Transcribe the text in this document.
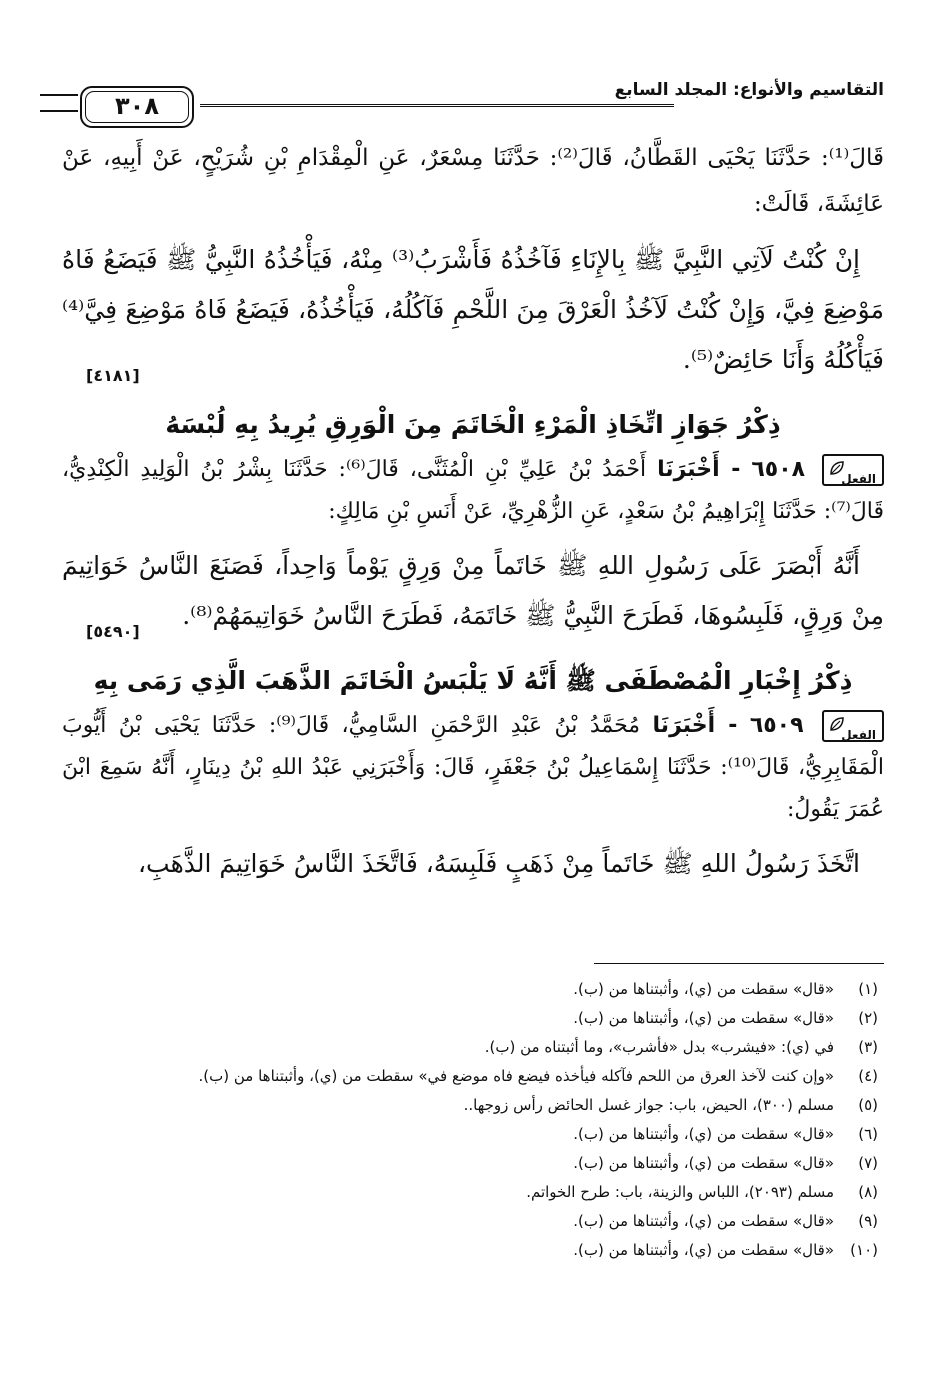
التقاسيم والأنواع: المجلد السابع
٣٠٨

قَالَ⁽¹⁾: حَدَّثَنَا يَحْيَى القَطَّانُ، قَالَ⁽²⁾: حَدَّثَنَا مِسْعَرٌ، عَنِ الْمِقْدَامِ بْنِ شُرَيْحٍ، عَنْ أَبِيهِ، عَنْ عَائِشَةَ، قَالَتْ:

إِنْ كُنْتُ لَآتِي النَّبِيَّ ﷺ بِالإِنَاءِ فَآخُذُهُ فَأَشْرَبُ⁽³⁾ مِنْهُ، فَيَأْخُذُهُ النَّبِيُّ ﷺ فَيَضَعُ فَاهُ مَوْضِعَ فِيَّ، وَإِنْ كُنْتُ لَآخُذُ الْعَرْقَ مِنَ اللَّحْمِ فَآكُلُهُ، فَيَأْخُذُهُ، فَيَضَعُ فَاهُ مَوْضِعَ فِيَّ⁽⁴⁾ فَيَأْكُلُهُ وَأَنَا حَائِضٌ⁽⁵⁾.
[٤١٨١]

ذِكْرُ جَوَازِ اتِّخَاذِ الْمَرْءِ الْخَاتَمَ مِنَ الْوَرِقِ يُرِيدُ بِهِ لُبْسَهُ

الفعل
٦٥٠٨ - أَخْبَرَنَا أَحْمَدُ بْنُ عَلِيِّ بْنِ الْمُثَنَّى، قَالَ⁽⁶⁾: حَدَّثَنَا بِشْرُ بْنُ الْوَلِيدِ الْكِنْدِيُّ، قَالَ⁽⁷⁾: حَدَّثَنَا إِبْرَاهِيمُ بْنُ سَعْدٍ، عَنِ الزُّهْرِيِّ، عَنْ أَنَسِ بْنِ مَالِكٍ:

أَنَّهُ أَبْصَرَ عَلَى رَسُولِ اللهِ ﷺ خَاتَماً مِنْ وَرِقٍ يَوْماً وَاحِداً، فَصَنَعَ النَّاسُ خَوَاتِيمَ مِنْ وَرِقٍ، فَلَبِسُوهَا، فَطَرَحَ النَّبِيُّ ﷺ خَاتَمَهُ، فَطَرَحَ النَّاسُ خَوَاتِيمَهُمْ⁽⁸⁾.
[٥٤٩٠]

ذِكْرُ إِخْبَارِ الْمُصْطَفَى ﷺ أَنَّهُ لَا يَلْبَسُ الْخَاتَمَ الذَّهَبَ الَّذِي رَمَى بِهِ

الفعل
٦٥٠٩ - أَخْبَرَنَا مُحَمَّدُ بْنُ عَبْدِ الرَّحْمَنِ السَّامِيُّ، قَالَ⁽⁹⁾: حَدَّثَنَا يَحْيَى بْنُ أَيُّوبَ الْمَقَابِرِيُّ، قَالَ⁽¹⁰⁾: حَدَّثَنَا إِسْمَاعِيلُ بْنُ جَعْفَرٍ، قَالَ: وَأَخْبَرَنِي عَبْدُ اللهِ بْنُ دِينَارٍ، أَنَّهُ سَمِعَ ابْنَ عُمَرَ يَقُولُ:

اتَّخَذَ رَسُولُ اللهِ ﷺ خَاتَماً مِنْ ذَهَبٍ فَلَبِسَهُ، فَاتَّخَذَ النَّاسُ خَوَاتِيمَ الذَّهَبِ،

(١)
«قال» سقطت من (ي)، وأثبتناها من (ب).
(٢)
«قال» سقطت من (ي)، وأثبتناها من (ب).
(٣)
في (ي): «فيشرب» بدل «فأشرب»، وما أثبتناه من (ب).
(٤)
«وإن كنت لآخذ العرق من اللحم فآكله فيأخذه فيضع فاه موضع في» سقطت من (ي)، وأثبتناها من (ب).
(٥)
مسلم (٣٠٠)، الحيض، باب: جواز غسل الحائض رأس زوجها..
(٦)
«قال» سقطت من (ي)، وأثبتناها من (ب).
(٧)
«قال» سقطت من (ي)، وأثبتناها من (ب).
(٨)
مسلم (٢٠٩٣)، اللباس والزينة، باب: طرح الخواتم.
(٩)
«قال» سقطت من (ي)، وأثبتناها من (ب).
(١٠)
«قال» سقطت من (ي)، وأثبتناها من (ب).
